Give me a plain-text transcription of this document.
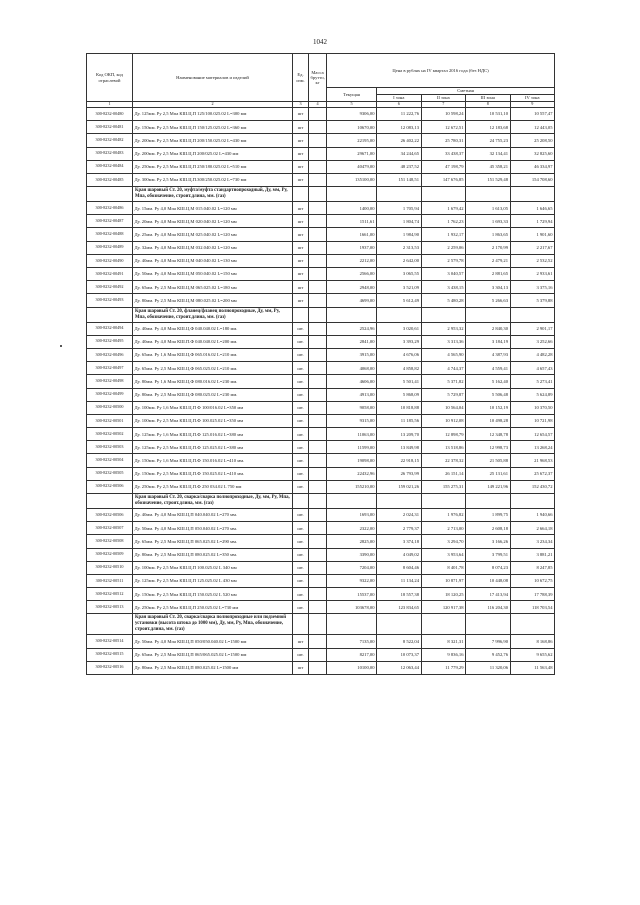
1042
Код ОКП, код отраслевой	Наименование материалов и изделий	Ед. изм.	Масса брутто, кг	Цена в рублях на IV квартал 2016 года (без НДС)				
				Текущая	Сметная			
					I зона	II зона	III зона	IV зона
1	2	3	4	5	6	7	8	9
300-8232-00480	Ду. 125мм. Ру 2,5 Мпа КШ.Ц.П 125/100.025.02 L=300 мм	шт		9306,00	11 222,76	10 598,24	10 531,10	10 557,47
300-8232-00481	Ду. 150мм. Ру 2,5 Мпа КШ.Ц.П 150/125.025.02 L=360 мм	шт		10670,00	12 083,13	12 672,51	12 183,68	12 443,05
300-8232-00482	Ду. 200мм. Ру 2,5 Мпа КШ.Ц.П 200/150.025.02 L=430 мм	шт		22195,00	26 402,22	25 780,31	24 755,23	25 208,50
300-8232-00483	Ду. 200мм. Ру 2,5 Мпа КШ.Ц.П 200/025.02 L=430 мм	шт		29671,00	34 244,65	33 438,37	32 134,41	32 825,60
300-8232-00484	Ду. 250мм. Ру 2,5 Мпа КШ.Ц.П 250/180.025.02 L=510 мм	шт		40479,00	48 237,52	47 198,79	45 358,21	46 334,97
300-8232-00485	Ду. 300мм. Ру 2,5 Мпа КШ.Ц.П.300/250.025.02 L=730 мм	шт		135100,00	151 148,51	147 676,85	151 529,48	154 708,60
	Кран шаровый Ст. 20, муфта/муфта стандартнопроходный, Ду, мм, Ру, Мпа, обозначение, строит.длина, мм. (газ)							
300-8232-00486	Ду. 15мм. Ру 4,0 Мпа КШ.Ц.М 015.040.02 L=120 мм	шт		1400,00	1 705,94	1 679,42	1 613,05	1 646,65
300-8232-00487	Ду. 20мм. Ру 4,0 Мпа КШ.Ц.М 020.040.02 L=120 мм	шт		1511,61	1 804,74	1 762,23	1 693,33	1 729,94
300-8232-00488	Ду. 25мм. Ру 4,0 Мпа КШ.Ц.М 025.040.02 L=120 мм	шт		1661,00	1 984,90	1 932,17	1 863,65	1 901,60
300-8232-00489	Ду. 32мм. Ру 4,0 Мпа КШ.Ц.М 032.040.02 L=120 мм	шт		1937,00	2 313,53	2 259,06	2 170,99	2 217,67
300-8232-00490	Ду. 40мм. Ру 4,0 Мпа КШ.Ц.М 040.040.02 L=130 мм	шт		2212,00	2 642,00	2 579,78	2 479,21	2 532,52
300-8232-00491	Ду. 50мм. Ру 4,0 Мпа КШ.Ц.М 050.040.02 L=150 мм	шт		2566,00	3 065,55	3 040,57	2 881,65	2 933,61
300-8232-00492	Ду. 65мм. Ру 2,5 Мпа КШ.Ц.М 065.025.02 L=180 мм	шт		2948,00	3 521,09	3 438,15	3 304,13	3 375,16
300-8232-00493	Ду. 80мм. Ру 2,5 Мпа КШ.Ц.М 080.025.02 L=200 мм	шт		4699,00	5 612,49	5 480,28	5 266,63	5 379,88
	Кран шаровый Ст. 20, фланец/фланец полнопроходные, Ду, мм, Ру, Мпа, обозначение, строит.длина, мм. (газ)							
300-8232-00494	Ду. 40мм. Ру 4,0 Мпа КШ.Ц.Ф 040.040.02 L=180 мм.	шт.		2524,96	3 020,61	2 953,32	2 840,30	2 901,17
300-8232-00495	Ду. 40мм. Ру 4,0 Мпа КШ.П.Ф 040.040.02 L=200 мм.	шт.		2841,00	3 393,29	3 313,36	3 184,19	3 252,66
300-8232-00496	Ду. 65мм. Ру 1,6 Мпа КШ.Ц.Ф 065.016.02 L=210 мм.	шт.		3915,00	4 676,06	4 565,90	4 387,93	4 482,28
300-8232-00497	Ду. 65мм. Ру 2,5 Мпа КШ.Ц.Ф 065.025.02 L=210 мм.	шт.		4068,00	4 858,82	4 744,37	4 559,41	4 657,43
300-8232-00498	Ду. 80мм. Ру 1,6 Мпа КШ.Ц.Ф 080.016.02 L=230 мм.	шт.		4606,00	5 501,41	5 371,82	5 162,40	5 273,41
300-8232-00499	Ду. 80мм. Ру 2,5 Мпа КШ.Ц.Ф 080.025.02 L=230 мм.	шт.		4913,00	5 868,09	5 729,87	5 506,48	5 624,89
300-8232-00500	Ду. 100мм. Ру 1,6 Мпа КШ.Ц.П Ф 100/016.02 L=350 мм	шт.		9058,00	10 818,88	10 564,04	10 152,19	10 370,50
300-8232-00501	Ду. 100мм. Ру 2,5 Мпа КШ.Ц.П.Ф 100.025.02 L=350 мм	шт.		9315,00	11 185,56	10 912,08	10 498,28	10 721,98
300-8232-00502	Ду. 125мм. Ру 1,6 Мпа КШ.Ц.П.Ф 125.016.02 L=380 мм	шт.		11063,00	13 209,70	12 898,79	12 348,78	12 654,57
300-8232-00503	Ду. 125мм. Ру 2,5 Мпа КШ.Ц.П.Ф 125.025.02 L=380 мм	шт.		11599,00	13 849,98	13 518,86	12 998,73	13 268,24
300-8232-00504	Ду. 150мм. Ру 1,6 Мпа КШ.Ц.П.Ф 150.016.02 L=410 мм.	шт.		19098,00	22 918,15	22 378,32	21 505,88	21 968,53
300-8232-00505	Ду. 150мм. Ру 2,5 Мпа КШ.Ц.П.Ф 150.025.02 L=410 мм.	шт.		22432,96	26 793,99	26 151,14	25 131,61	25 672,37
300-8232-00506	Ду. 250мм. Ру 2,5 Мпа КШ.Ц.П.Ф 250 034.02 L 750 мм	шт.		155210,00	159 021,26	155 275,31	149 221,96	152 430,72
	Кран шаровый Ст. 20, сварка/сварка полнопроходные, Ду, мм, Ру, Мпа, обозначение, строит.длина, мм. (газ)							
300-8232-00506	Ду. 40мм. Ру 4,0 Мпа КШ.Ц.П 040.040.02 L=270 мм.	шт.		1693,00	2 024,31	1 976,82	1 899,75	1 940,66
300-8232-00507	Ду. 50мм. Ру 4,0 Мпа КШ.Ц.П 050.040.02 L=270 мм.	шт.		2322,00	2 779,37	2 713,00	2 608,18	2 664,18
300-8232-00508	Ду. 65мм. Ру 2,5 Мпа КШ.Ц.П 065.025.02 L=290 мм.	шт.		2825,00	3 374,18	3 294,70	3 166,26	3 234,34
300-8232-00509	Ду. 80мм. Ру 2,5 Мпа КШ.Ц.П 080.025.02 L=350 мм.	шт.		3390,00	4 049,02	3 953,64	3 799,51	3 881,21
300-8232-00510	Ду. 100мм. Ру 2,5 Мпа КШ.Ц.П 100.025.02 L 340 мм	шт.		7204,00	8 604,46	8 401,78	8 074,23	8 247,85
300-8232-00511	Ду. 125мм. Ру 2,5 Мпа КШ.Ц.П 125.025.02 L 430 мм	шт.		9322,00	11 134,24	10 871,97	10 448,08	10 672,75
300-8232-00512	Ду. 150мм. Ру 2,5 Мпа КШ.Ц.П 150.025.02 L 520 мм	шт.		15537,00	18 557,38	18 120,25	17 413,94	17 788,39
300-8232-00513	Ду. 250мм. Ру 2,5 Мпа КШ.Ц.П 250.025.02 L=730 мм	шт.		103678,00	123 834,65	120 917,38	116 204,30	118 703,54
	Кран шаровый Ст. 20, сварка/сварка полнопроходные или подземной установки (высота штока до 1000 мм), Ду, мм, Ру, Мпа, обозначение, строит.длина, мм. (газ)							
300-8232-00514	Ду. 50мм. Ру 4,0 Мпа КШ.Ц.П 050/050.040.02 L=1500 мм	шт		7135,00	8 522,04	8 321,31	7 996,90	8 168,86
300-8232-00515	Ду. 65мм. Ру 2,5 Мпа КШ.Ц.П 065/065.025.02 L=1500 мм	шт.		8217,00	10 073,37	9 836,16	9 452,76	9 655,62
300-8232-00516	Ду. 80мм. Ру 2,5 Мпа КШ.Ц.П 080.025.02 L=1500 мм	шт		10100,00	12 063,44	11 779,29	11 320,06	11 563,48
